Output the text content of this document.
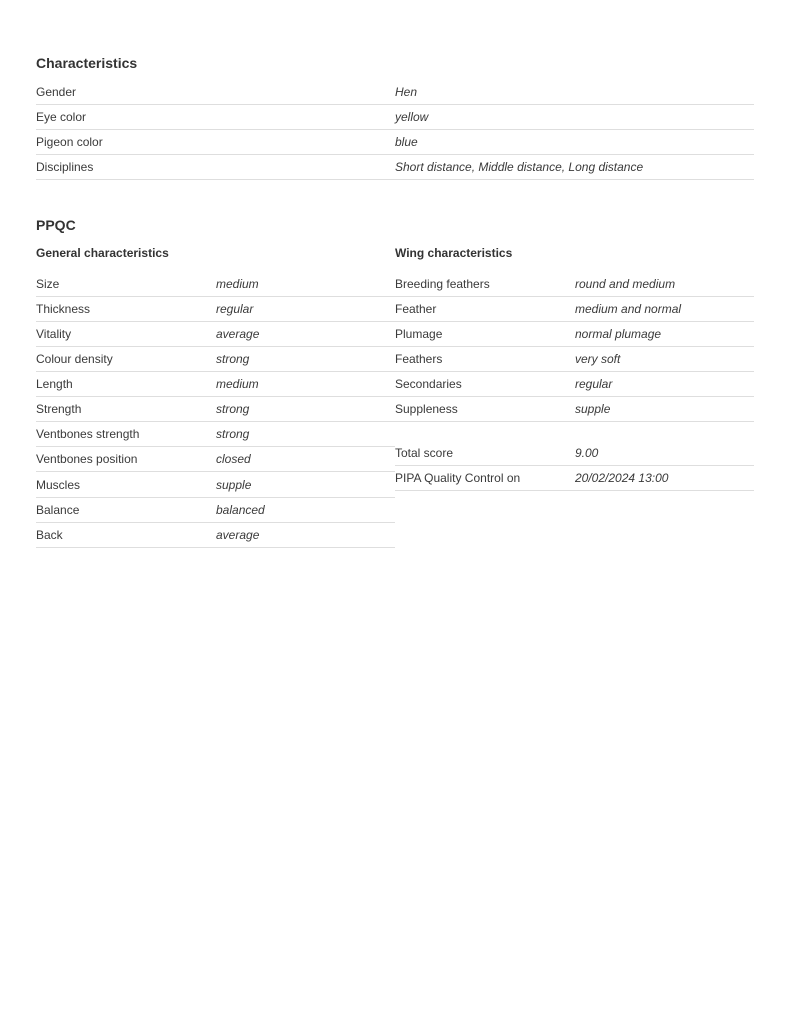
Characteristics
Gender	Hen
Eye color	yellow
Pigeon color	blue
Disciplines	Short distance, Middle distance, Long distance
PPQC
General characteristics	Wing characteristics
Size	medium
Thickness	regular
Vitality	average
Colour density	strong
Length	medium
Strength	strong
Ventbones strength	strong
Ventbones position	closed
Muscles	supple
Balance	balanced
Back	average
Breeding feathers	round and medium
Feather	medium and normal
Plumage	normal plumage
Feathers	very soft
Secondaries	regular
Suppleness	supple
Total score	9.00
PIPA Quality Control on	20/02/2024 13:00
